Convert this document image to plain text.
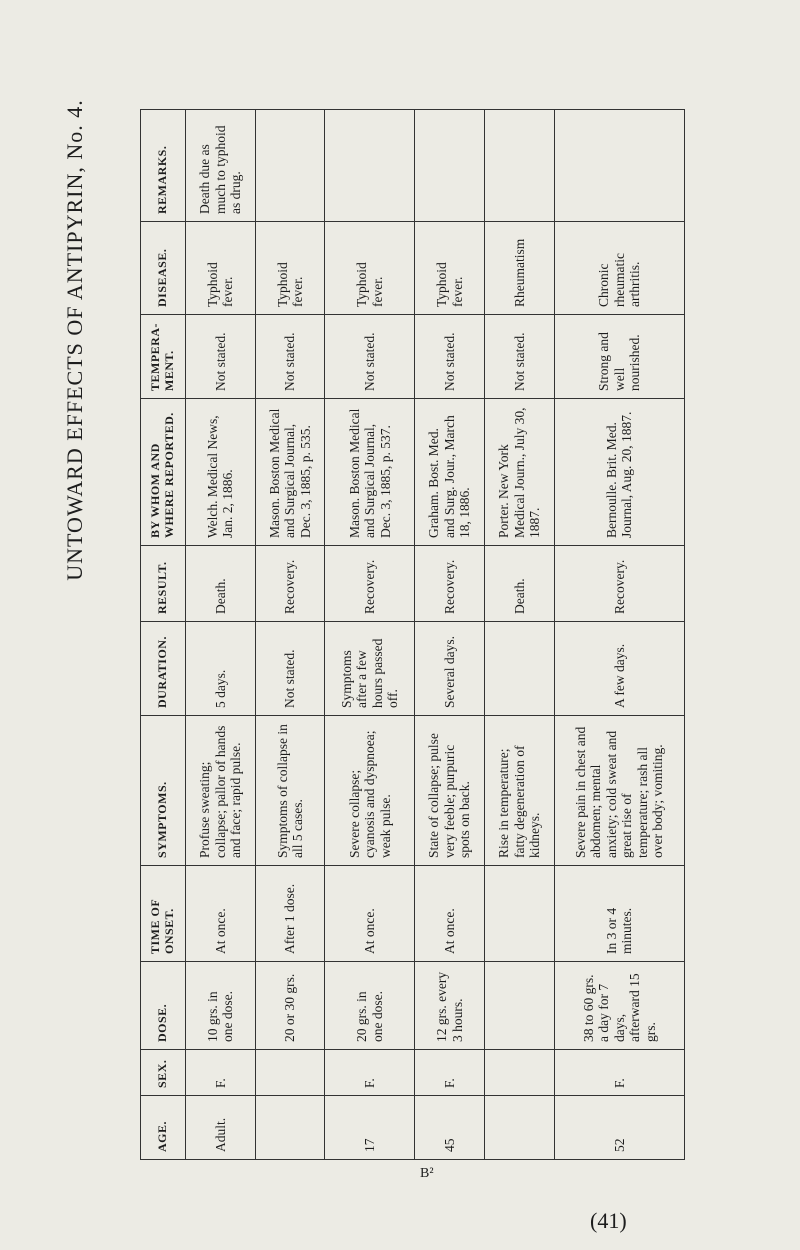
UNTOWARD EFFECTS OF ANTIPYRIN, No. 4.
AGE.	SEX.	DOSE.	TIME OF ONSET.	SYMPTOMS.	DURATION.	RESULT.	BY WHOM AND WHERE REPORTED.	TEMPERA-MENT.	DISEASE.	REMARKS.
Adult.	F.	10 grs. in one dose.	At once.	Profuse sweating; collapse; pallor of hands and face; rapid pulse.	5 days.	Death.	Welch. Medical News, Jan. 2, 1886.	Not stated.	Typhoid fever.	Death due as much to typhoid as drug.
		20 or 30 grs.	After 1 dose.	Symptoms of collapse in all 5 cases.	Not stated.	Recovery.	Mason. Boston Medical and Surgical Journal, Dec. 3, 1885, p. 535.	Not stated.	Typhoid fever.	
17	F.	20 grs. in one dose.	At once.	Severe collapse; cyanosis and dyspnoea; weak pulse.	Symptoms after a few hours passed off.	Recovery.	Mason. Boston Medical and Surgical Journal, Dec. 3, 1885, p. 537.	Not stated.	Typhoid fever.	
45	F.	12 grs. every 3 hours.	At once.	State of collapse; pulse very feeble; purpuric spots on back.	Several days.	Recovery.	Graham. Bost. Med. and Surg. Jour., March 18, 1886.	Not stated.	Typhoid fever.	
				Rise in temperature; fatty degeneration of kidneys.		Death.	Porter. New York Medical Journ., July 30, 1887.	Not stated.	Rheumatism	
52	F.	38 to 60 grs. a day for 7 days, afterward 15 grs.	In 3 or 4 minutes.	Severe pain in chest and abdomen; mental anxiety; cold sweat and great rise of temperature; rash all over body; vomiting.	A few days.	Recovery.	Bernoulle. Brit. Med. Journal, Aug. 20, 1887.	Strong and well nourished.	Chronic rheumatic arthritis.	
B²
(41)
